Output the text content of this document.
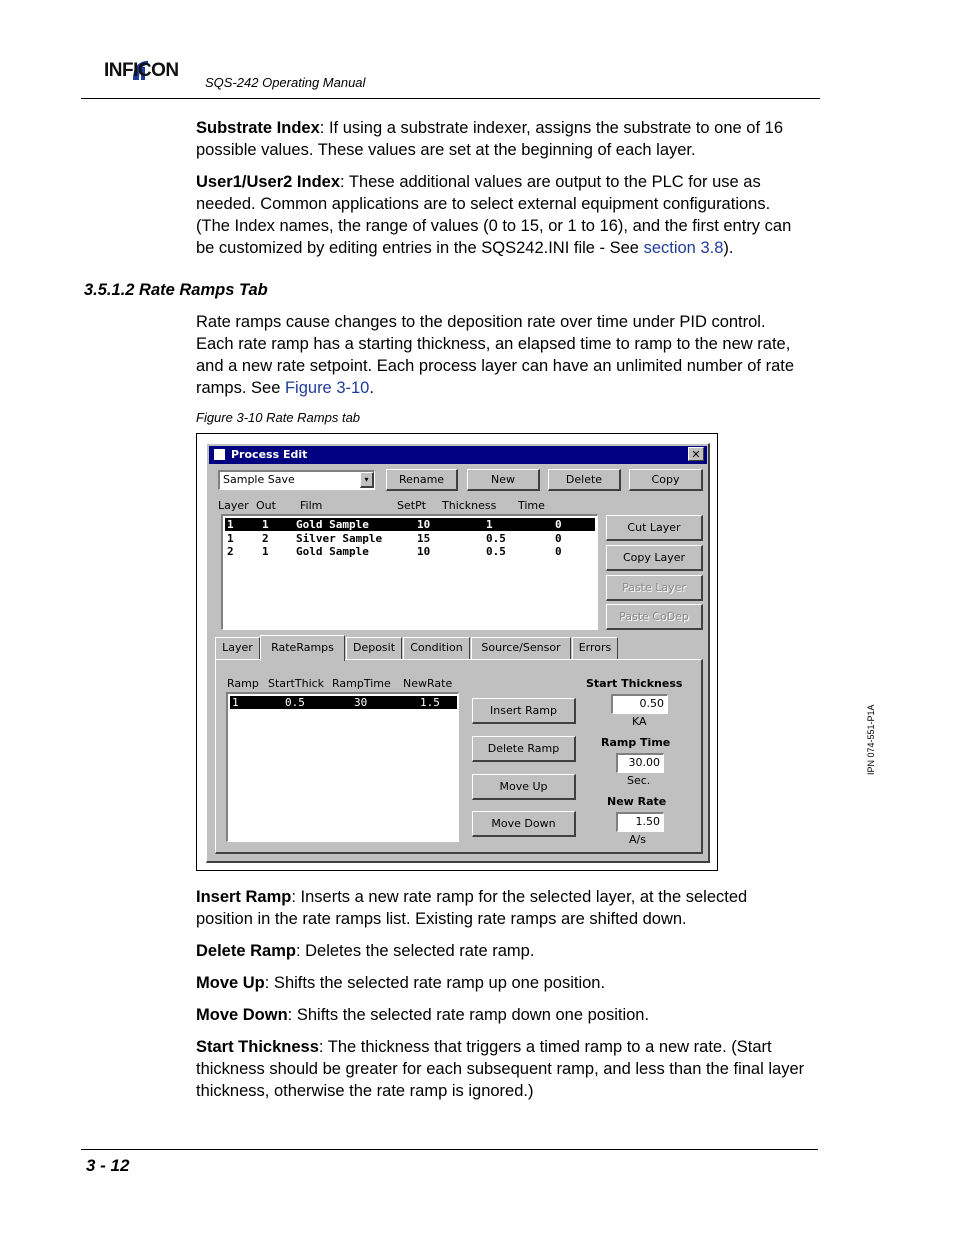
INFICON
SQS-242 Operating Manual
Substrate Index: If using a substrate indexer, assigns the substrate to one of 16
possible values. These values are set at the beginning of each layer.
User1/User2 Index: These additional values are output to the PLC for use as
needed. Common applications are to select external equipment configurations.
(The Index names, the range of values (0 to 15, or 1 to 16), and the first entry can
be customized by editing entries in the SQS242.INI file - See section 3.8).
3.5.1.2 Rate Ramps Tab
Rate ramps cause changes to the deposition rate over time under PID control.
Each rate ramp has a starting thickness, an elapsed time to ramp to the new rate,
and a new rate setpoint. Each process layer can have an unlimited number of rate
ramps. See Figure 3-10.
Figure 3-10 Rate Ramps tab
Process Edit	✕
Sample Save	▾	Rename	New	Delete	Copy
Layer Out Film	SetPt Thickness Time
1	1 Gold Sample	10	1	0
1	2 Silver Sample	15	0.5	0
2	1 Gold Sample	10	0.5	0
Cut Layer
Copy Layer
Paste Layer
Paste CoDep
Layer	RateRamps	Deposit	Condition	Source/Sensor	Errors
Ramp StartThick RampTime NewRate
1	0.5	30	1.5
Insert Ramp
Delete Ramp
Move Up
Move Down
Start Thickness
0.50
KA
Ramp Time
30.00
Sec.
New Rate
1.50
A/s
Insert Ramp: Inserts a new rate ramp for the selected layer, at the selected
position in the rate ramps list. Existing rate ramps are shifted down.
Delete Ramp: Deletes the selected rate ramp.
Move Up: Shifts the selected rate ramp up one position.
Move Down: Shifts the selected rate ramp down one position.
Start Thickness: The thickness that triggers a timed ramp to a new rate. (Start
thickness should be greater for each subsequent ramp, and less than the final layer
thickness, otherwise the rate ramp is ignored.)
3 - 12
IPN 074-551-P1A
